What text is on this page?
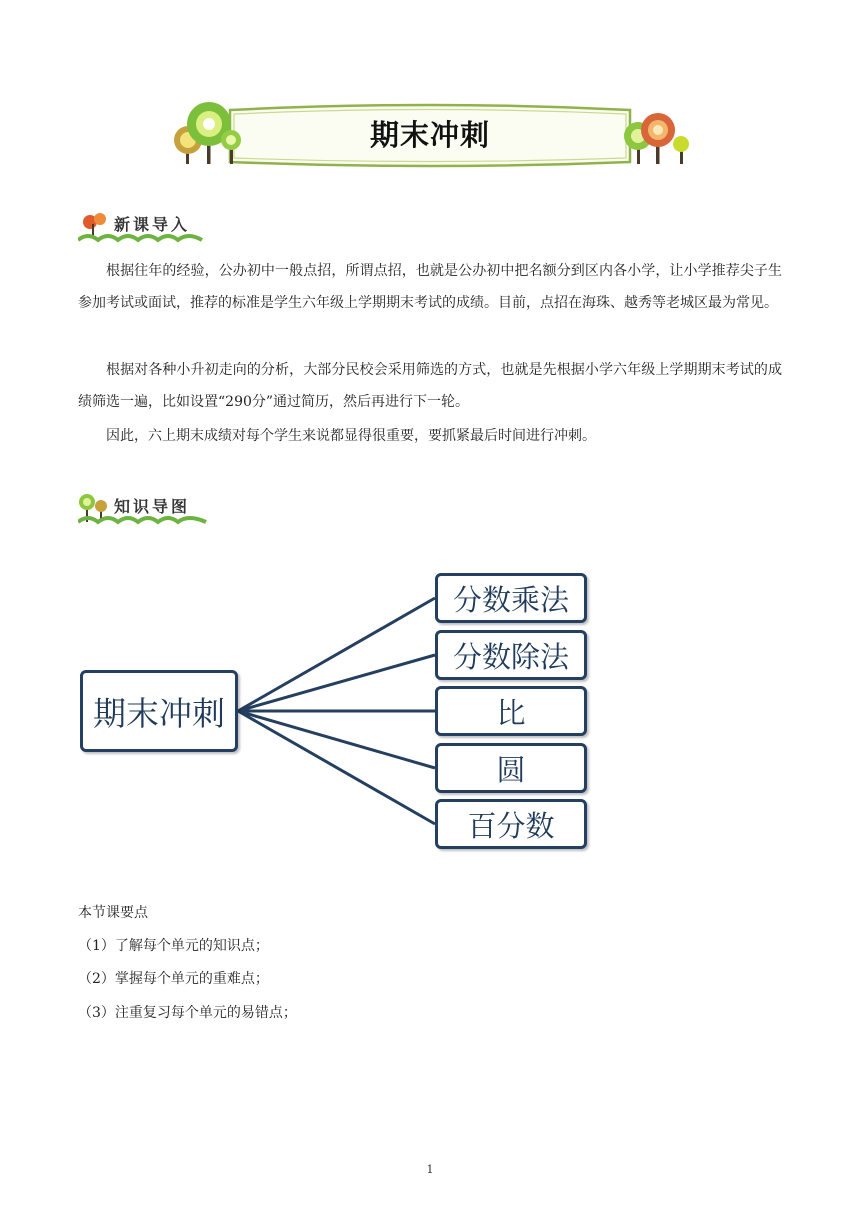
期末冲刺
新课导入

根据往年的经验，公办初中一般点招，所谓点招，也就是公办初中把名额分到区内各小学，让小学推荐尖子生参加考试或面试，推荐的标准是学生六年级上学期期末考试的成绩。目前，点招在海珠、越秀等老城区最为常见。

根据对各种小升初走向的分析，大部分民校会采用筛选的方式，也就是先根据小学六年级上学期期末考试的成绩筛选一遍，比如设置“290分”通过简历，然后再进行下一轮。

因此，六上期末成绩对每个学生来说都显得很重要，要抓紧最后时间进行冲刺。

知识导图
期末冲刺
分数乘法
分数除法
比
圆
百分数
本节课要点
（1）了解每个单元的知识点；
（2）掌握每个单元的重难点；
（3）注重复习每个单元的易错点；
1
